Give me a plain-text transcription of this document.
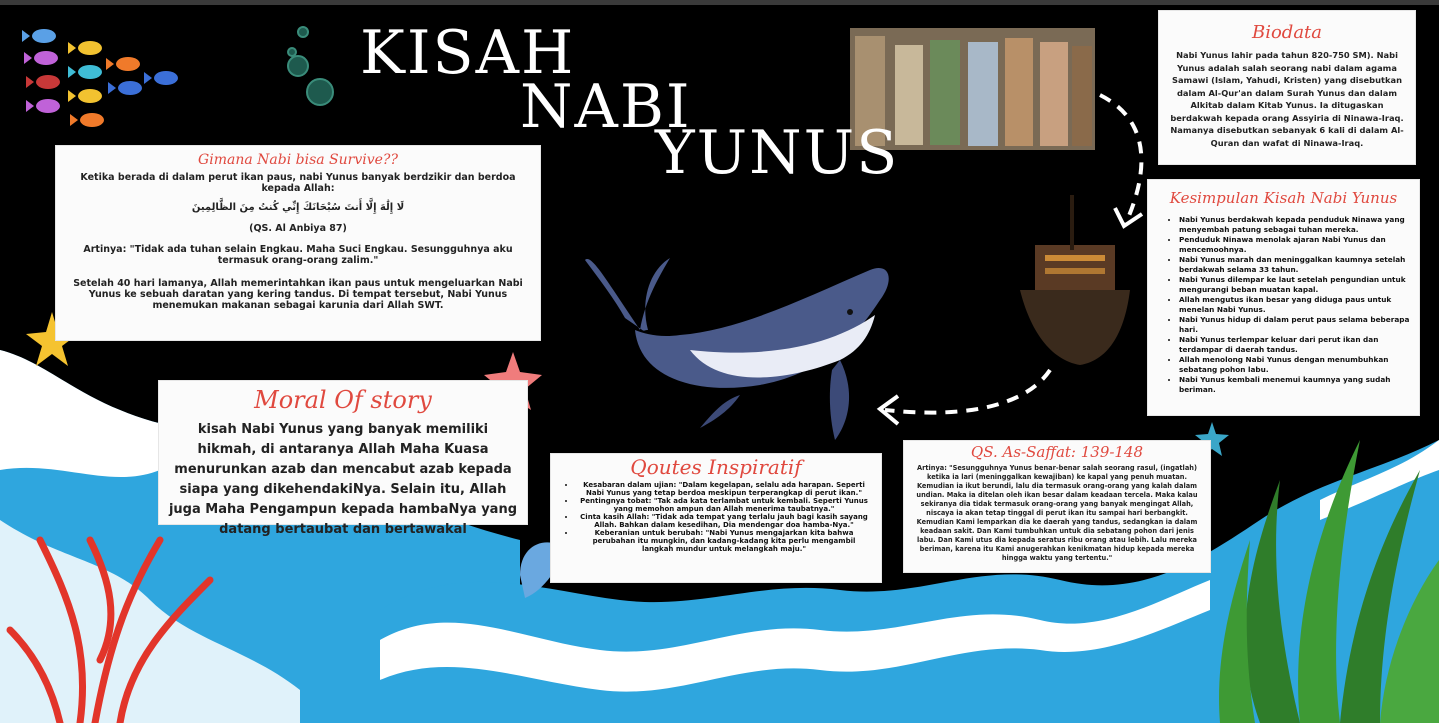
KISAH
NABI
YUNUS
Gimana Nabi bisa Survive??

Ketika berada di dalam perut ikan paus, nabi Yunus banyak berdzikir dan berdoa kepada Allah:

لَا إِلَٰهَ إِلَّا أَنتَ سُبْحَانَكَ إِنِّي كُنتُ مِنَ الظَّالِمِينَ

(QS. Al Anbiya 87)

Artinya: "Tidak ada tuhan selain Engkau. Maha Suci Engkau. Sesungguhnya aku termasuk orang-orang zalim."

Setelah 40 hari lamanya, Allah memerintahkan ikan paus untuk mengeluarkan Nabi Yunus ke sebuah daratan yang kering tandus. Di tempat tersebut, Nabi Yunus menemukan makanan sebagai karunia dari Allah SWT.

Moral Of story

kisah Nabi Yunus yang banyak memiliki hikmah, di antaranya Allah Maha Kuasa menurunkan azab dan mencabut azab kepada siapa yang dikehendakiNya. Selain itu, Allah juga Maha Pengampun kepada hambaNya yang datang bertaubat dan bertawakal

Qoutes Inspiratif
• Kesabaran dalam ujian: "Dalam kegelapan, selalu ada harapan. Seperti Nabi Yunus yang tetap berdoa meskipun terperangkap di perut ikan."
• Pentingnya tobat: "Tak ada kata terlambat untuk kembali. Seperti Yunus yang memohon ampun dan Allah menerima taubatnya."
• Cinta kasih Allah: "Tidak ada tempat yang terlalu jauh bagi kasih sayang Allah. Bahkan dalam kesedihan, Dia mendengar doa hamba-Nya."
• Keberanian untuk berubah: "Nabi Yunus mengajarkan kita bahwa perubahan itu mungkin, dan kadang-kadang kita perlu mengambil langkah mundur untuk melangkah maju."
QS. As-Saffat: 139-148

Artinya: "Sesungguhnya Yunus benar-benar salah seorang rasul, (ingatlah) ketika ia lari (meninggalkan kewajiban) ke kapal yang penuh muatan. Kemudian ia ikut berundi, lalu dia termasuk orang-orang yang kalah dalam undian. Maka ia ditelan oleh ikan besar dalam keadaan tercela. Maka kalau sekiranya dia tidak termasuk orang-orang yang banyak mengingat Allah, niscaya ia akan tetap tinggal di perut ikan itu sampai hari berbangkit. Kemudian Kami lemparkan dia ke daerah yang tandus, sedangkan ia dalam keadaan sakit. Dan Kami tumbuhkan untuk dia sebatang pohon dari jenis labu. Dan Kami utus dia kepada seratus ribu orang atau lebih. Lalu mereka beriman, karena itu Kami anugerahkan kenikmatan hidup kepada mereka hingga waktu yang tertentu."

Biodata

Nabi Yunus lahir pada tahun 820-750 SM). Nabi Yunus adalah salah seorang nabi dalam agama Samawi (Islam, Yahudi, Kristen) yang disebutkan dalam Al-Qur'an dalam Surah Yunus dan dalam Alkitab dalam Kitab Yunus. Ia ditugaskan berdakwah kepada orang Assyiria di Ninawa-Iraq. Namanya disebutkan sebanyak 6 kali di dalam Al-Quran dan wafat di Ninawa-Iraq.

Kesimpulan Kisah Nabi Yunus
• Nabi Yunus berdakwah kepada penduduk Ninawa yang menyembah patung sebagai tuhan mereka.
• Penduduk Ninawa menolak ajaran Nabi Yunus dan mencemoohnya.
• Nabi Yunus marah dan meninggalkan kaumnya setelah berdakwah selama 33 tahun.
• Nabi Yunus dilempar ke laut setelah pengundian untuk mengurangi beban muatan kapal.
• Allah mengutus ikan besar yang diduga paus untuk menelan Nabi Yunus.
• Nabi Yunus hidup di dalam perut paus selama beberapa hari.
• Nabi Yunus terlempar keluar dari perut ikan dan terdampar di daerah tandus.
• Allah menolong Nabi Yunus dengan menumbuhkan sebatang pohon labu.
• Nabi Yunus kembali menemui kaumnya yang sudah beriman.
